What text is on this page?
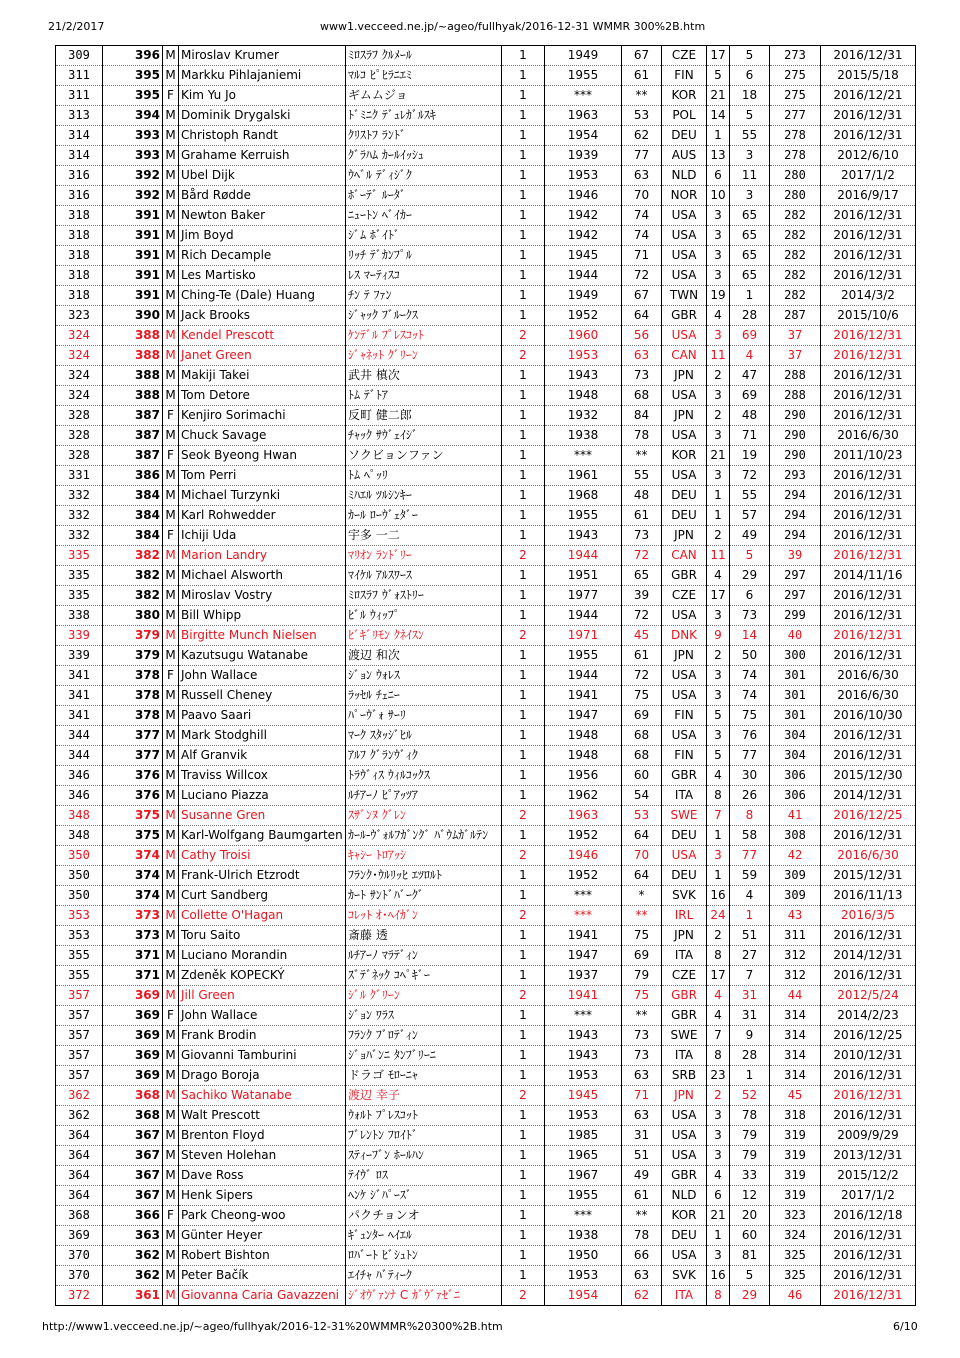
21/2/2017	www1.vecceed.ne.jp/~ageo/fullhyak/2016-12-31 WMMR 300%2B.htm
309	396	M	Miroslav Krumer	ﾐﾛｽﾗﾌ ｸﾙﾒｰﾙ	1	1949	67	CZE	17	5	273	2016/12/31
311	395	M	Markku Pihlajaniemi	ﾏﾙｺ ﾋﾟﾋﾗﾆｴﾐ	1	1955	61	FIN	5	6	275	2015/5/18
311	395	F	Kim Yu Jo	ギムムジョ	1	***	**	KOR	21	18	275	2016/12/21
313	394	M	Dominik Drygalski	ﾄﾞﾐﾆｸ ﾃﾞｭﾚｶﾞﾙｽｷ	1	1963	53	POL	14	5	277	2016/12/31
314	393	M	Christoph Randt	ｸﾘｽﾄﾌ ﾗﾝﾄﾞ	1	1954	62	DEU	1	55	278	2016/12/31
314	393	M	Grahame Kerruish	ｸﾞﾗﾊﾑ ｶｰﾙｲｯｼｭ	1	1939	77	AUS	13	3	278	2012/6/10
316	392	M	Ubel Dijk	ｳﾍﾞﾙ ﾃﾞｨｼﾞｸ	1	1953	63	NLD	6	11	280	2017/1/2
316	392	M	Bård Rødde	ﾎﾞｰﾃﾞ ﾙｰﾀﾞ	1	1946	70	NOR	10	3	280	2016/9/17
318	391	M	Newton Baker	ﾆｭｰﾄﾝ ﾍﾞｲｶｰ	1	1942	74	USA	3	65	282	2016/12/31
318	391	M	Jim Boyd	ｼﾞﾑ ﾎﾞｲﾄﾞ	1	1942	74	USA	3	65	282	2016/12/31
318	391	M	Rich Decample	ﾘｯﾁ ﾃﾞｶﾝﾌﾟﾙ	1	1945	71	USA	3	65	282	2016/12/31
318	391	M	Les Martisko	ﾚｽ ﾏｰﾃｨｽｺ	1	1944	72	USA	3	65	282	2016/12/31
318	391	M	Ching-Te (Dale) Huang	ﾁﾝ ﾃ ﾌｧﾝ	1	1949	67	TWN	19	1	282	2014/3/2
323	390	M	Jack Brooks	ｼﾞｬｯｸ ﾌﾞﾙｰｸｽ	1	1952	64	GBR	4	28	287	2015/10/6
324	388	M	Kendel Prescott	ｹﾝﾃﾞﾙ ﾌﾟﾚｽｺｯﾄ	2	1960	56	USA	3	69	37	2016/12/31
324	388	M	Janet Green	ｼﾞｬﾈｯﾄ ｸﾞﾘｰﾝ	2	1953	63	CAN	11	4	37	2016/12/31
324	388	M	Makiji Takei	武井 槙次	1	1943	73	JPN	2	47	288	2016/12/31
324	388	M	Tom Detore	ﾄﾑ ﾃﾞﾄｱ	1	1948	68	USA	3	69	288	2016/12/31
328	387	F	Kenjiro Sorimachi	反町 健二郎	1	1932	84	JPN	2	48	290	2016/12/31
328	387	M	Chuck Savage	ﾁｬｯｸ ｻｳﾞｪｲｼﾞ	1	1938	78	USA	3	71	290	2016/6/30
328	387	F	Seok Byeong Hwan	ソクビョンファン	1	***	**	KOR	21	19	290	2011/10/23
331	386	M	Tom Perri	ﾄﾑ ﾍﾟｯﾘ	1	1961	55	USA	3	72	293	2016/12/31
332	384	M	Michael Turzynki	ﾐﾊｴﾙ ﾂﾙｼﾝｷｰ	1	1968	48	DEU	1	55	294	2016/12/31
332	384	M	Karl Rohwedder	ｶｰﾙ ﾛｰｳﾞｪﾀﾞｰ	1	1955	61	DEU	1	57	294	2016/12/31
332	384	F	Ichiji Uda	宇多 一二	1	1943	73	JPN	2	49	294	2016/12/31
335	382	M	Marion Landry	ﾏﾘｵﾝ ﾗﾝﾄﾞﾘｰ	2	1944	72	CAN	11	5	39	2016/12/31
335	382	M	Michael Alsworth	ﾏｲｹﾙ ｱﾙｽﾜｰｽ	1	1951	65	GBR	4	29	297	2014/11/16
335	382	M	Miroslav Vostry	ﾐﾛｽﾗﾌ ｳﾞｫｽﾄﾘｰ	1	1977	39	CZE	17	6	297	2016/12/31
338	380	M	Bill Whipp	ﾋﾞﾙ ｳｨｯﾌﾟ	1	1944	72	USA	3	73	299	2016/12/31
339	379	M	Birgitte Munch Nielsen	ﾋﾞｷﾞﾘﾓﾝ ｸﾈｲｽﾝ	2	1971	45	DNK	9	14	40	2016/12/31
339	379	M	Kazutsugu Watanabe	渡辺 和次	1	1955	61	JPN	2	50	300	2016/12/31
341	378	F	John Wallace	ｼﾞｮﾝ ｳｫﾚｽ	1	1944	72	USA	3	74	301	2016/6/30
341	378	M	Russell Cheney	ﾗｯｾﾙ ﾁｪﾆｰ	1	1941	75	USA	3	74	301	2016/6/30
341	378	M	Paavo Saari	ﾊﾟｰｳﾞｫ ｻｰﾘ	1	1947	69	FIN	5	75	301	2016/10/30
344	377	M	Mark Stodghill	ﾏｰｸ ｽﾀｯｼﾞﾋﾙ	1	1948	68	USA	3	76	304	2016/12/31
344	377	M	Alf Granvik	ｱﾙﾌ ｸﾞﾗﾝｳﾞｨｸ	1	1948	68	FIN	5	77	304	2016/12/31
346	376	M	Traviss Willcox	ﾄﾗｳﾞｨｽ ｳｨﾙｺｯｸｽ	1	1956	60	GBR	4	30	306	2015/12/30
346	376	M	Luciano Piazza	ﾙﾁｱｰﾉ ﾋﾟｱｯﾂｱ	1	1962	54	ITA	8	26	306	2014/12/31
348	375	M	Susanne Gren	ｽｻﾞﾝﾇ ｸﾞﾚﾝ	2	1963	53	SWE	7	8	41	2016/12/25
348	375	M	Karl-Wolfgang Baumgarten	ｶｰﾙ-ｳﾞｫﾙﾌｶﾞﾝｸﾞ ﾊﾞｳﾑｶﾞﾙﾃﾝ	1	1952	64	DEU	1	58	308	2016/12/31
350	374	M	Cathy Troisi	ｷｬｼｰ ﾄﾛｱｯｼ	2	1946	70	USA	3	77	42	2016/6/30
350	374	M	Frank-Ulrich Etzrodt	ﾌﾗﾝｸ･ｳﾙﾘｯﾋ ｴﾂﾛﾙﾄ	1	1952	64	DEU	1	59	309	2015/12/31
350	374	M	Curt Sandberg	ｶｰﾄ ｻﾝﾄﾞﾊﾞｰｸﾞ	1	***	*	SVK	16	4	309	2016/11/13
353	373	M	Collette O'Hagan	ｺﾚｯﾄ ｵ･ﾍｲｶﾞﾝ	2	***	**	IRL	24	1	43	2016/3/5
353	373	M	Toru Saito	斎藤 透	1	1941	75	JPN	2	51	311	2016/12/31
355	371	M	Luciano Morandin	ﾙﾁｱｰﾉ ﾏﾗﾃﾞｨﾝ	1	1947	69	ITA	8	27	312	2014/12/31
355	371	M	Zdeněk KOPECKÝ	ｽﾞﾃﾞﾈｯｸ ｺﾍﾟｷﾞｰ	1	1937	79	CZE	17	7	312	2016/12/31
357	369	M	Jill Green	ｼﾞﾙ ｸﾞﾘｰﾝ	2	1941	75	GBR	4	31	44	2012/5/24
357	369	F	John Wallace	ｼﾞｮﾝ ﾜﾗｽ	1	***	**	GBR	4	31	314	2014/2/23
357	369	M	Frank Brodin	ﾌﾗﾝｸ ﾌﾞﾛﾃﾞｨﾝ	1	1943	73	SWE	7	9	314	2016/12/25
357	369	M	Giovanni Tamburini	ｼﾞｮﾊﾞﾝﾆ ﾀﾝﾌﾞﾘｰﾆ	1	1943	73	ITA	8	28	314	2010/12/31
357	369	M	Drago Boroja	ドラゴ ﾓﾛｰﾆｬ	1	1953	63	SRB	23	1	314	2016/12/31
362	368	M	Sachiko Watanabe	渡辺 幸子	2	1945	71	JPN	2	52	45	2016/12/31
362	368	M	Walt Prescott	ｳｫﾙﾄ ﾌﾟﾚｽｺｯﾄ	1	1953	63	USA	3	78	318	2016/12/31
364	367	M	Brenton Floyd	ﾌﾞﾚﾝﾄﾝ ﾌﾛｲﾄﾞ	1	1985	31	USA	3	79	319	2009/9/29
364	367	M	Steven Holehan	ｽﾃｨｰﾌﾞﾝ ﾎｰﾙﾊﾝ	1	1965	51	USA	3	79	319	2013/12/31
364	367	M	Dave Ross	ﾃｲｳﾞ ﾛｽ	1	1967	49	GBR	4	33	319	2015/12/2
364	367	M	Henk Sipers	ﾍﾝｹ ｼﾞﾊﾟｰｽﾞ	1	1955	61	NLD	6	12	319	2017/1/2
368	366	F	Park Cheong-woo	パクチョンオ	1	***	**	KOR	21	20	323	2016/12/18
369	363	M	Günter Heyer	ｷﾞｭﾝﾀｰ ﾍｲｴﾙ	1	1938	78	DEU	1	60	324	2016/12/31
370	362	M	Robert Bishton	ﾛﾊﾞｰﾄ ﾋﾞｼｭﾄﾝ	1	1950	66	USA	3	81	325	2016/12/31
370	362	M	Peter Bačík	ｴｲﾁｬ ﾊﾞﾃｨｰｸ	1	1953	63	SVK	16	5	325	2016/12/31
372	361	M	Giovanna Caria Gavazzeni	ｼﾞｵｳﾞｧﾝﾅ C ｶﾞｳﾞｧｾﾞﾆ	2	1954	62	ITA	8	29	46	2016/12/31
http://www1.vecceed.ne.jp/~ageo/fullhyak/2016-12-31%20WMMR%20300%2B.htm	6/10
